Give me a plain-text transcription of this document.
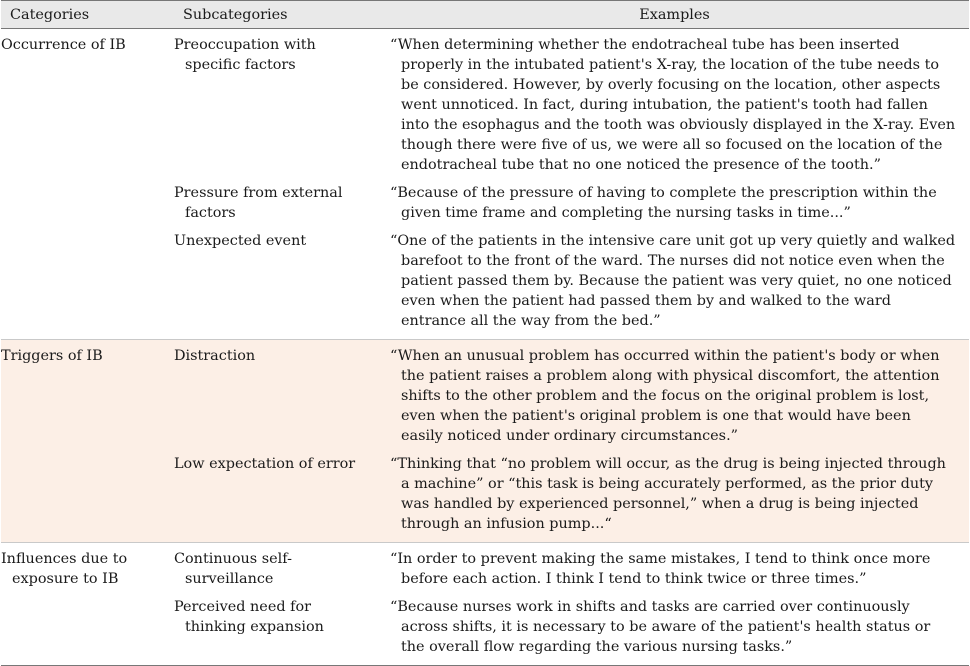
Categories	Subcategories	Examples
Occurrence of IB	Preoccupation with specific factors	“When determining whether the endotracheal tube has been inserted properly in the intubated patient's X-ray, the location of the tube needs to be considered. However, by overly focusing on the location, other aspects went unnoticed. In fact, during intubation, the patient's tooth had fallen into the esophagus and the tooth was obviously displayed in the X-ray. Even though there were five of us, we were all so focused on the location of the endotracheal tube that no one noticed the presence of the tooth.”
	Pressure from external factors	“Because of the pressure of having to complete the prescription within the given time frame and completing the nursing tasks in time...”
	Unexpected event	“One of the patients in the intensive care unit got up very quietly and walked barefoot to the front of the ward. The nurses did not notice even when the patient passed them by. Because the patient was very quiet, no one noticed even when the patient had passed them by and walked to the ward entrance all the way from the bed.”
Triggers of IB	Distraction	“When an unusual problem has occurred within the patient's body or when the patient raises a problem along with physical discomfort, the attention shifts to the other problem and the focus on the original problem is lost, even when the patient's original problem is one that would have been easily noticed under ordinary circumstances.”
	Low expectation of error	“Thinking that “no problem will occur, as the drug is being injected through a machine” or “this task is being accurately performed, as the prior duty was handled by experienced personnel,” when a drug is being injected through an infusion pump...“
Influences due to exposure to IB	Continuous self-surveillance	“In order to prevent making the same mistakes, I tend to think once more before each action. I think I tend to think twice or three times.”
	Perceived need for thinking expansion	“Because nurses work in shifts and tasks are carried over continuously across shifts, it is necessary to be aware of the patient's health status or the overall flow regarding the various nursing tasks.”
